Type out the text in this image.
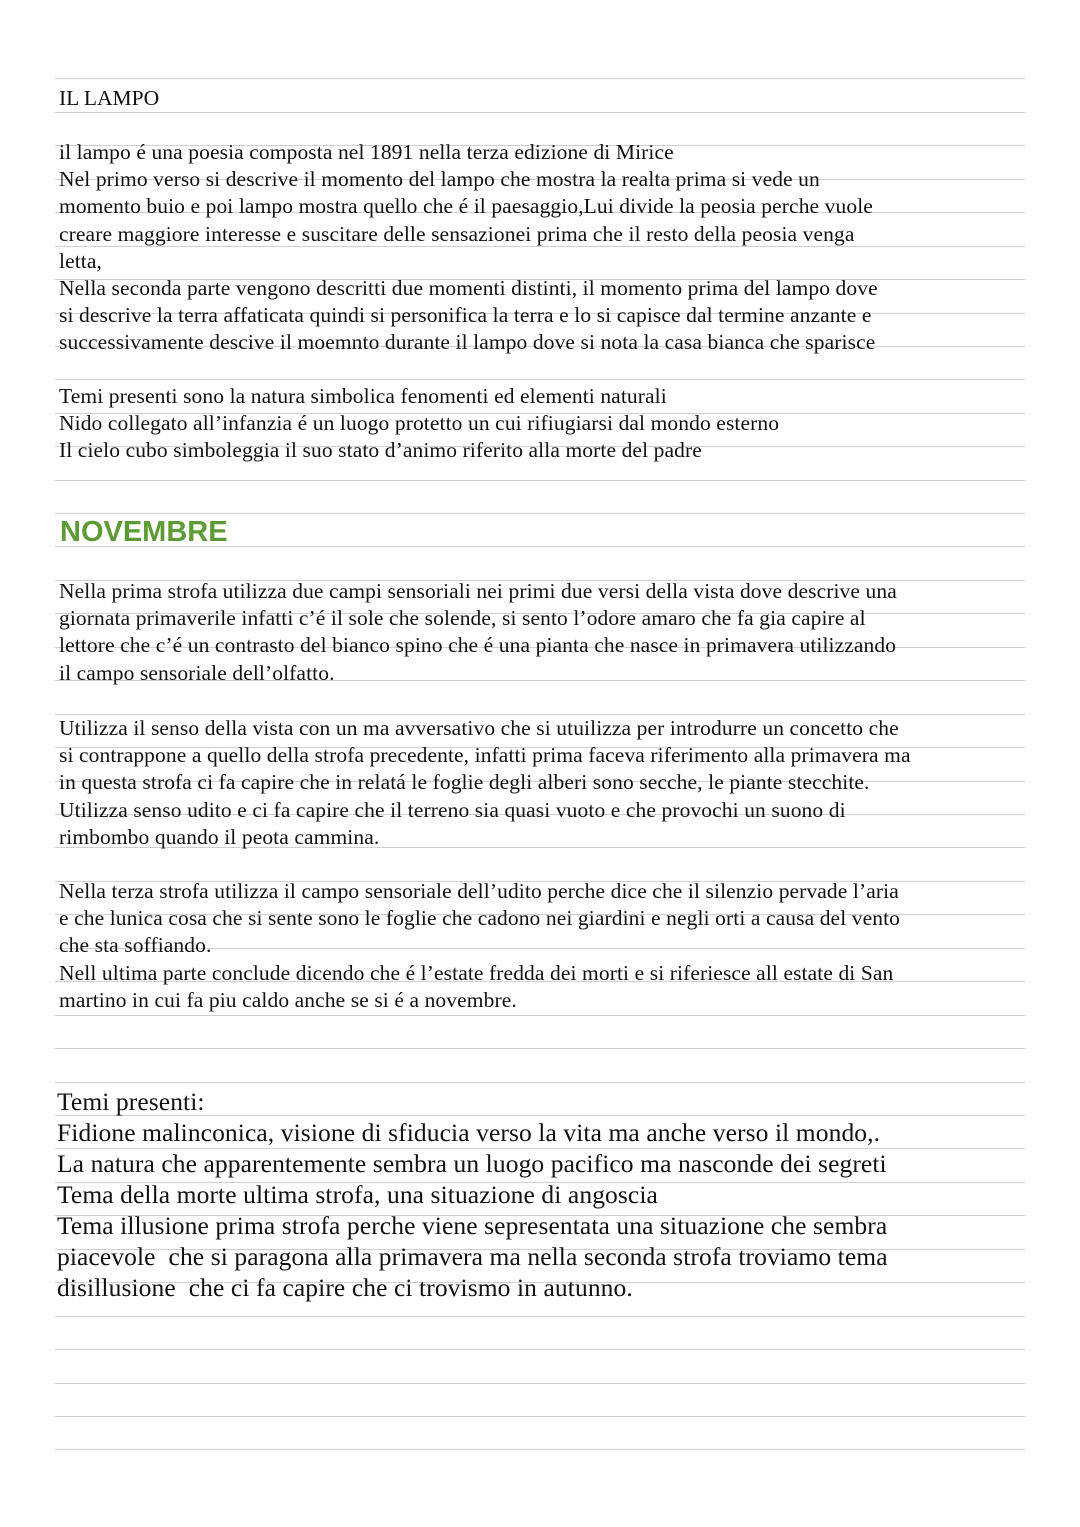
IL LAMPO

il lampo é una poesia composta nel 1891 nella terza edizione di Mirice
Nel primo verso si descrive il momento del lampo che mostra la realta prima si vede un
momento buio e poi lampo mostra quello che é il paesaggio,Lui divide la peosia perche vuole
creare maggiore interesse e suscitare delle sensazionei prima che il resto della peosia venga
letta,
Nella seconda parte vengono descritti due momenti distinti, il momento prima del lampo dove
si descrive la terra affaticata quindi si personifica la terra e lo si capisce dal termine anzante e
successivamente descive il moemnto durante il lampo dove si nota la casa bianca che sparisce

Temi presenti sono la natura simbolica fenomenti ed elementi naturali
Nido collegato all’infanzia é un luogo protetto un cui rifiugiarsi dal mondo esterno
Il cielo cubo simboleggia il suo stato d’animo riferito alla morte del padre

NOVEMBRE

Nella prima strofa utilizza due campi sensoriali nei primi due versi della vista dove descrive una
giornata primaverile infatti c’é il sole che solende, si sento l’odore amaro che fa gia capire al
lettore che c’é un contrasto del bianco spino che é una pianta che nasce in primavera utilizzando
il campo sensoriale dell’olfatto.

Utilizza il senso della vista con un ma avversativo che si utuilizza per introdurre un concetto che
si contrappone a quello della strofa precedente, infatti prima faceva riferimento alla primavera ma
in questa strofa ci fa capire che in relatá le foglie degli alberi sono secche, le piante stecchite.
Utilizza senso udito e ci fa capire che il terreno sia quasi vuoto e che provochi un suono di
rimbombo quando il peota cammina.

Nella terza strofa utilizza il campo sensoriale dell’udito perche dice che il silenzio pervade l’aria
e che lunica cosa che si sente sono le foglie che cadono nei giardini e negli orti a causa del vento
che sta soffiando.
Nell ultima parte conclude dicendo che é l’estate fredda dei morti e si riferiesce all estate di San
martino in cui fa piu caldo anche se si é a novembre.

Temi presenti:
Fidione malinconica, visione di sfiducia verso la vita ma anche verso il mondo,.
La natura che apparentemente sembra un luogo pacifico ma nasconde dei segreti
Tema della morte ultima strofa, una situazione di angoscia
Tema illusione prima strofa perche viene sepresentata una situazione che sembra
piacevole  che si paragona alla primavera ma nella seconda strofa troviamo tema
disillusione  che ci fa capire che ci trovismo in autunno.
